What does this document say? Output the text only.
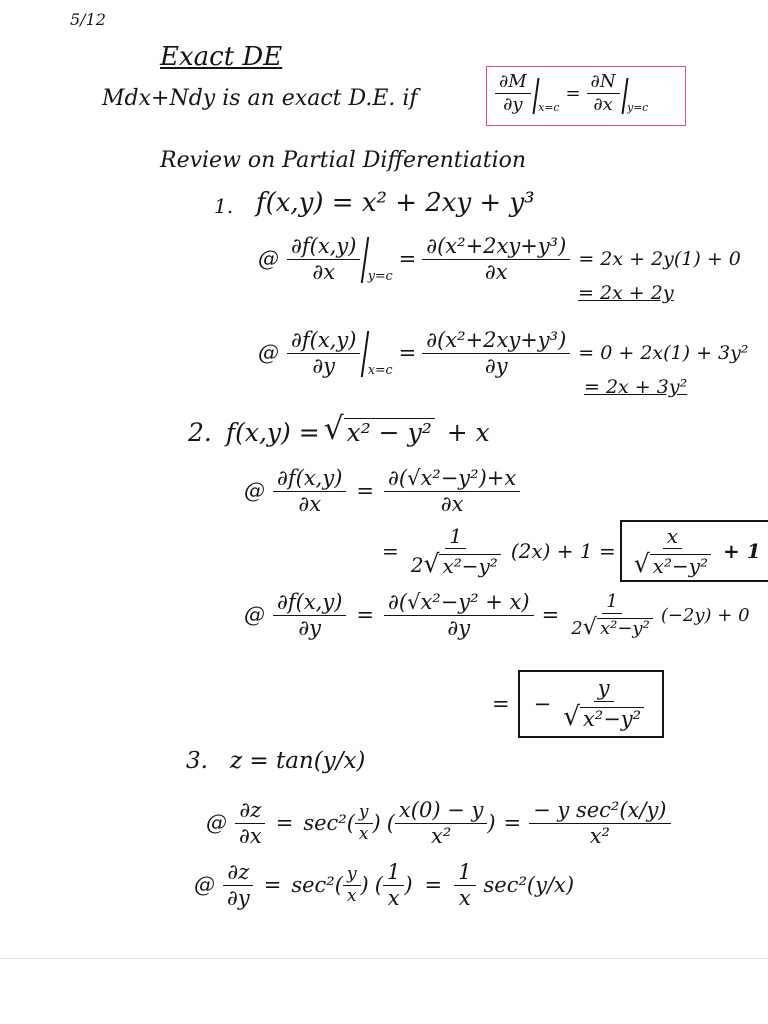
5/12
Exact DE
Mdx+Ndy is an exact D.E. if	$\frac{\partial M}{\partial y} x=c$
= $\frac{\partial N}{\partial x} y=c$
Review on Partial Differentiation
1. f(x,y) = x² + 2xy + y³
@ $\frac{\partial f(x,y)}{\partial x} y=c$
= $\frac{\text{∂(x²+2xy+y³)}}{\partial x} = 2x + 2y(1) + 0$
= 2x + 2y
@ $\frac{\partial f(x,y)}{\partial y} x=c$
= $\frac{\text{∂(x²+2xy+y³)}}{\partial y} = 0 + 2x(1) + 3y^2$
= 2x + 3y²
2. f(x,y) = √ x² − y² + x
@ $\frac{\partial f(x,y)}{\partial x} = \frac{\text{∂(√x²−y²)+x}}{\partial x}$
= $\frac{1}{\text{2 √ x²−y²}} (2x) + 1 = \frac{x}{\text{√ x²−y²}} + 1$
@ $\frac{\partial f(x,y)}{\partial y} = \frac{\text{∂(√x²−y² + x)}}{\partial y} = \frac{1}{\text{2 √ x²−y²}} (-2y) + 0$
= − $\frac{y}{\text{√ x²−y²}}$
3. z = tan(y/x)
@ $\frac{\partial z}{\partial x} = \sec^2$ ( $\frac{y}{x}$ ) ( $\frac{x(0) - y}{\text{x²}}$ ) = $\frac{\text{− y sec²(x/y)}}{\text{x²}}$
@ $\frac{\partial z}{\partial y} = \sec^2$ ( $\frac{y}{x}$ ) ( $\frac{1}{x}$ ) = $\frac{1}{x} \sec^2(y/x)$
